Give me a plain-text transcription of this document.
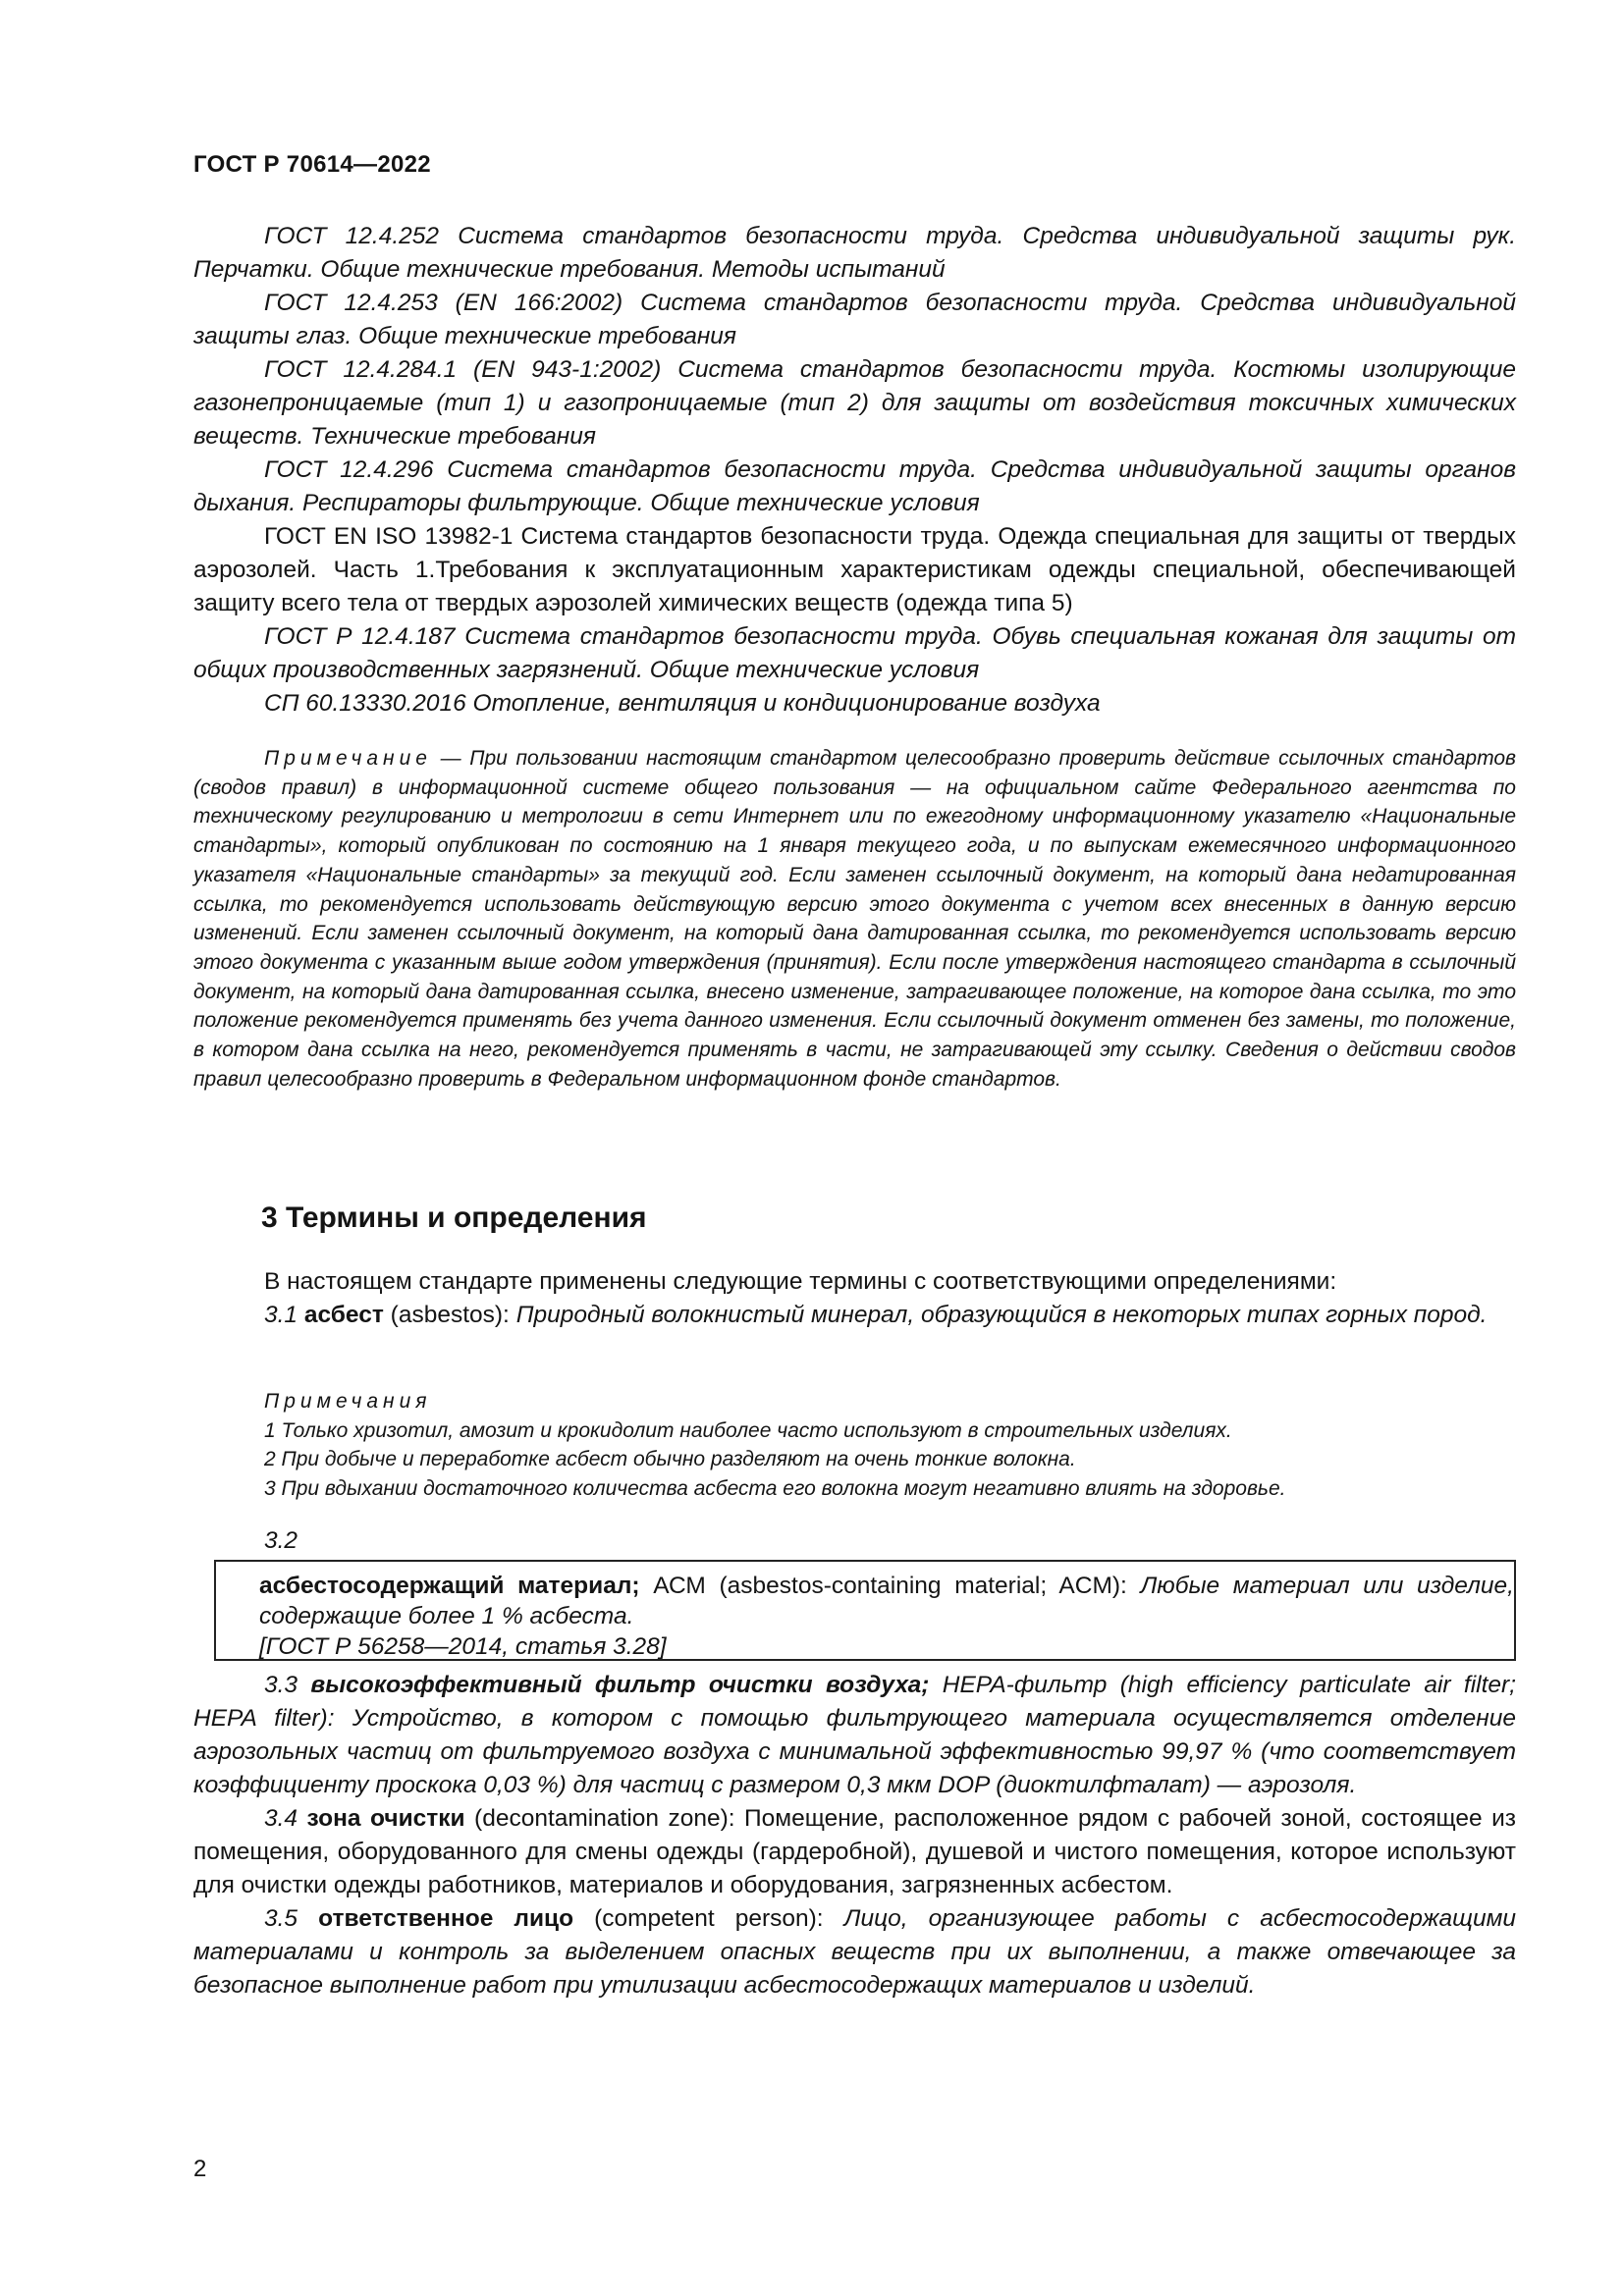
ГОСТ Р 70614—2022

ГОСТ 12.4.252 Система стандартов безопасности труда. Средства индивидуальной защиты рук. Перчатки. Общие технические требования. Методы испытаний

ГОСТ 12.4.253 (EN 166:2002) Система стандартов безопасности труда. Средства индивидуальной защиты глаз. Общие технические требования

ГОСТ 12.4.284.1 (EN 943-1:2002) Система стандартов безопасности труда. Костюмы изолирующие газонепроницаемые (тип 1) и газопроницаемые (тип 2) для защиты от воздействия токсичных химических веществ. Технические требования

ГОСТ 12.4.296 Система стандартов безопасности труда. Средства индивидуальной защиты органов дыхания. Респираторы фильтрующие. Общие технические условия

ГОСТ EN ISO 13982-1 Система стандартов безопасности труда. Одежда специальная для защиты от твердых аэрозолей. Часть 1.Требования к эксплуатационным характеристикам одежды специальной, обеспечивающей защиту всего тела от твердых аэрозолей химических веществ (одежда типа 5)

ГОСТ Р 12.4.187 Система стандартов безопасности труда. Обувь специальная кожаная для защиты от общих производственных загрязнений. Общие технические условия

СП 60.13330.2016 Отопление, вентиляция и кондиционирование воздуха

Примечание — При пользовании настоящим стандартом целесообразно проверить действие ссылочных стандартов (сводов правил) в информационной системе общего пользования — на официальном сайте Федерального агентства по техническому регулированию и метрологии в сети Интернет или по ежегодному информационному указателю «Национальные стандарты», который опубликован по состоянию на 1 января текущего года, и по выпускам ежемесячного информационного указателя «Национальные стандарты» за текущий год. Если заменен ссылочный документ, на который дана недатированная ссылка, то рекомендуется использовать действующую версию этого документа с учетом всех внесенных в данную версию изменений. Если заменен ссылочный документ, на который дана датированная ссылка, то рекомендуется использовать версию этого документа с указанным выше годом утверждения (принятия). Если после утверждения настоящего стандарта в ссылочный документ, на который дана датированная ссылка, внесено изменение, затрагивающее положение, на которое дана ссылка, то это положение рекомендуется применять без учета данного изменения. Если ссылочный документ отменен без замены, то положение, в котором дана ссылка на него, рекомендуется применять в части, не затрагивающей эту ссылку. Сведения о действии сводов правил целесообразно проверить в Федеральном информационном фонде стандартов.

3 Термины и определения

В настоящем стандарте применены следующие термины с соответствующими определениями:

3.1 асбест (asbestos): Природный волокнистый минерал, образующийся в некоторых типах горных пород.

Примечания

1 Только хризотил, амозит и крокидолит наиболее часто используют в строительных изделиях.

2 При добыче и переработке асбест обычно разделяют на очень тонкие волокна.

3 При вдыхании достаточного количества асбеста его волокна могут негативно влиять на здоровье.

3.2

асбестосодержащий материал; АСМ (asbestos-containing material; ACM): Любые материал или изделие, содержащие более 1 % асбеста.

[ГОСТ Р 56258—2014, статья 3.28]

3.3 высокоэффективный фильтр очистки воздуха; HEPA-фильтр (high efficiency particulate air filter; HEPA filter): Устройство, в котором с помощью фильтрующего материала осуществляется отделение аэрозольных частиц от фильтруемого воздуха с минимальной эффективностью 99,97 % (что соответствует коэффициенту проскока 0,03 %) для частиц с размером 0,3 мкм DOP (диоктилфталат) — аэрозоля.

3.4 зона очистки (decontamination zone): Помещение, расположенное рядом с рабочей зоной, состоящее из помещения, оборудованного для смены одежды (гардеробной), душевой и чистого помещения, которое используют для очистки одежды работников, материалов и оборудования, загрязненных асбестом.

3.5 ответственное лицо (competent person): Лицо, организующее работы с асбестосодержащими материалами и контроль за выделением опасных веществ при их выполнении, а также отвечающее за безопасное выполнение работ при утилизации асбестосодержащих материалов и изделий.

2
